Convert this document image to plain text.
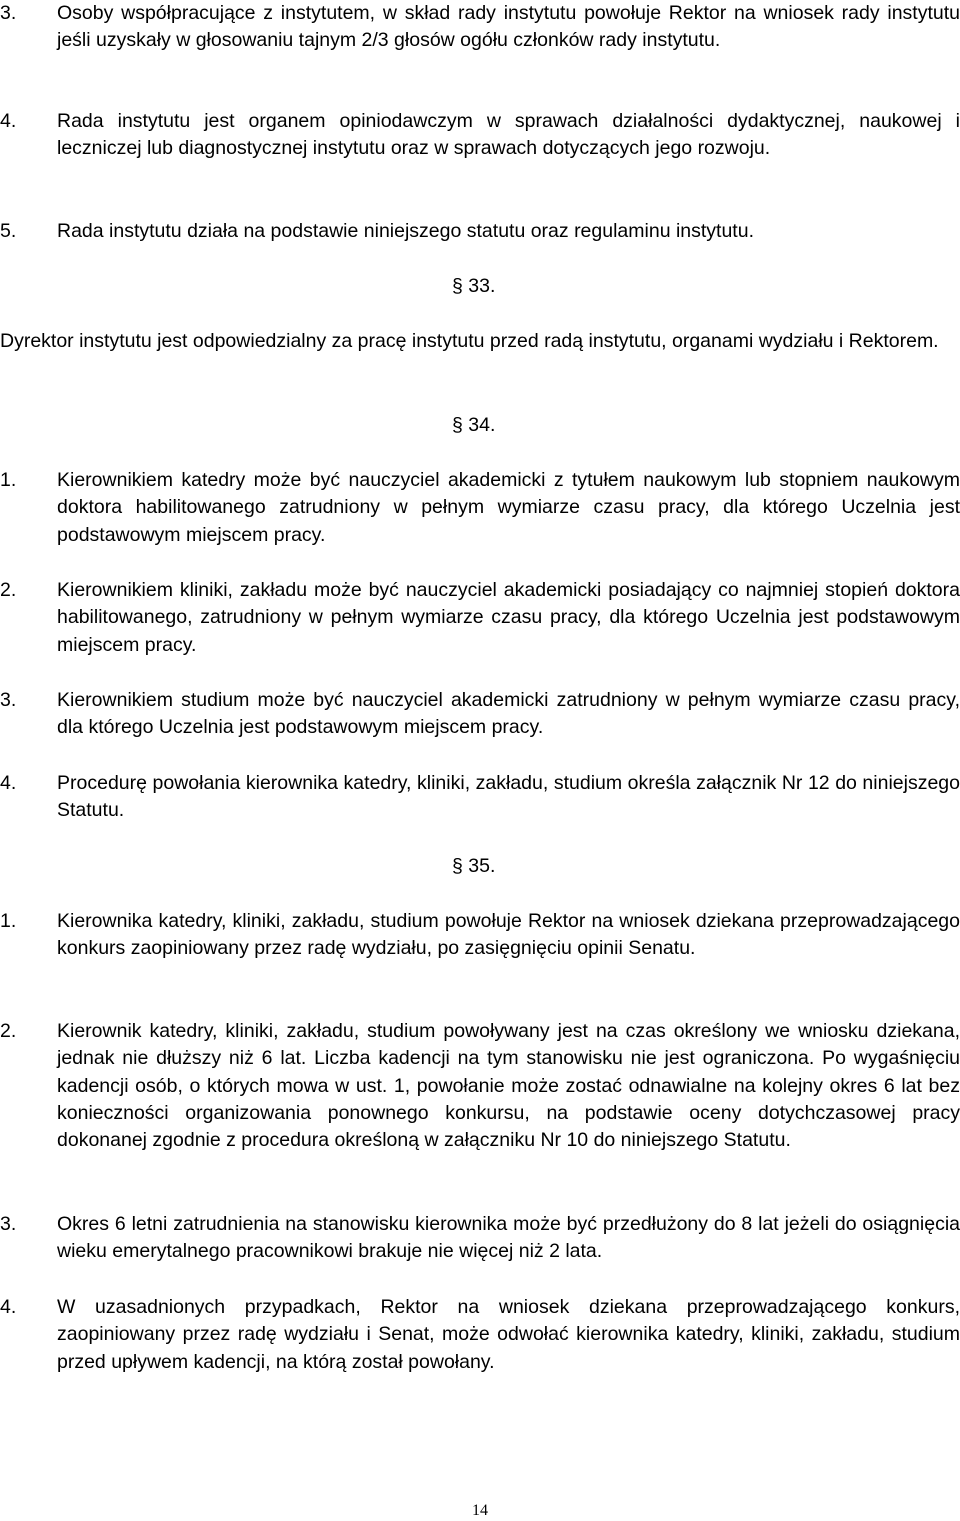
3. Osoby współpracujące z instytutem, w skład rady instytutu powołuje Rektor na wniosek rady instytutu jeśli uzyskały w głosowaniu tajnym 2/3 głosów ogółu członków rady instytutu.
4. Rada instytutu jest organem opiniodawczym w sprawach działalności dydaktycznej, naukowej i leczniczej lub diagnostycznej instytutu oraz w sprawach dotyczących jego rozwoju.
5. Rada instytutu działa na podstawie niniejszego statutu oraz regulaminu instytutu.
§ 33.
Dyrektor instytutu jest odpowiedzialny za pracę instytutu przed radą instytutu, organami wydziału i Rektorem.
§ 34.
1. Kierownikiem katedry może być nauczyciel akademicki z tytułem naukowym lub stopniem naukowym doktora habilitowanego zatrudniony w pełnym wymiarze czasu pracy, dla którego Uczelnia jest podstawowym miejscem pracy.
2. Kierownikiem kliniki, zakładu może być nauczyciel akademicki posiadający co najmniej stopień doktora habilitowanego, zatrudniony w pełnym wymiarze czasu pracy, dla którego Uczelnia jest podstawowym miejscem pracy.
3. Kierownikiem studium może być nauczyciel akademicki zatrudniony w pełnym wymiarze czasu pracy, dla którego Uczelnia jest podstawowym miejscem pracy.
4. Procedurę powołania kierownika katedry, kliniki, zakładu, studium określa załącznik Nr 12 do niniejszego Statutu.
§ 35.
1. Kierownika katedry, kliniki, zakładu, studium powołuje Rektor na wniosek dziekana przeprowadzającego konkurs zaopiniowany przez radę wydziału, po zasięgnięciu opinii Senatu.
2. Kierownik katedry, kliniki, zakładu, studium powoływany jest na czas określony we wniosku dziekana, jednak nie dłuższy niż 6 lat. Liczba kadencji na tym stanowisku nie jest ograniczona. Po wygaśnięciu kadencji osób, o których mowa w ust. 1, powołanie może zostać odnawialne na kolejny okres 6 lat bez konieczności organizowania ponownego konkursu, na podstawie oceny dotychczasowej pracy dokonanej zgodnie z procedura określoną w załączniku Nr 10 do niniejszego Statutu.
3. Okres 6 letni zatrudnienia na stanowisku kierownika może być przedłużony do 8 lat jeżeli do osiągnięcia wieku emerytalnego pracownikowi brakuje nie więcej niż 2 lata.
4. W uzasadnionych przypadkach, Rektor na wniosek dziekana przeprowadzającego konkurs, zaopiniowany przez radę wydziału i Senat, może odwołać kierownika katedry, kliniki, zakładu, studium przed upływem kadencji, na którą został powołany.
14
